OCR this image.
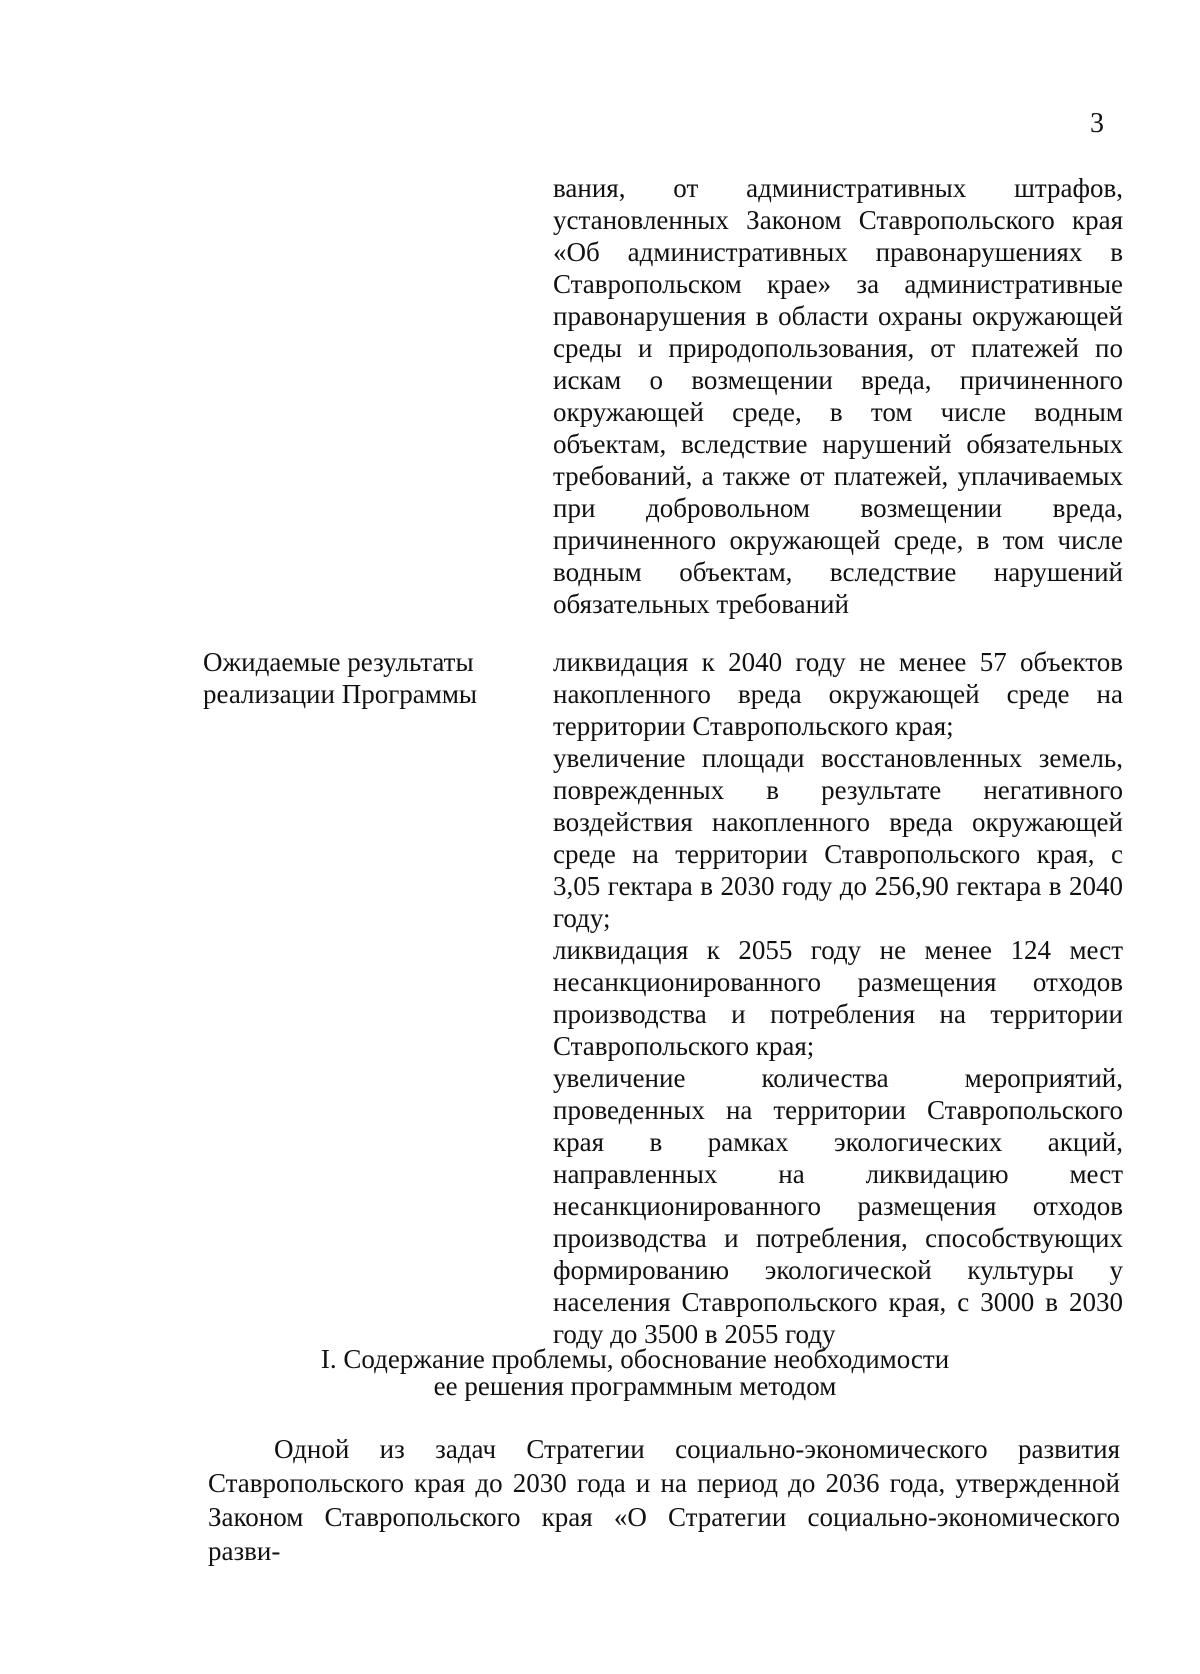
3
вания, от административных штрафов, установленных Законом Ставропольского края «Об административных правонарушениях в Ставропольском крае» за административные правонарушения в области охраны окружающей среды и природопользования, от платежей по искам о возмещении вреда, причиненного окружающей среде, в том числе водным объектам, вследствие нарушений обязательных требований, а также от платежей, уплачиваемых при добровольном возмещении вреда, причиненного окружающей среде, в том числе водным объектам, вследствие нарушений обязательных требований
Ожидаемые результаты реализации Программы

ликвидация к 2040 году не менее 57 объектов накопленного вреда окружающей среде на территории Ставропольского края;

увеличение площади восстановленных земель, поврежденных в результате негативного воздействия накопленного вреда окружающей среде на территории Ставропольского края, с 3,05 гектара в 2030 году до 256,90 гектара в 2040 году;

ликвидация к 2055 году не менее 124 мест несанкционированного размещения отходов производства и потребления на территории Ставропольского края;

увеличение количества мероприятий, проведенных на территории Ставропольского края в рамках экологических акций, направленных на ликвидацию мест несанкционированного размещения отходов производства и потребления, способствующих формированию экологической культуры у населения Ставропольского края, с 3000 в 2030 году до 3500 в 2055 году

I. Содержание проблемы, обоснование необходимости
ее решения программным методом
Одной из задач Стратегии социально-экономического развития Ставропольского края до 2030 года и на период до 2036 года, утвержденной Законом Ставропольского края «О Стратегии социально-экономического разви-
